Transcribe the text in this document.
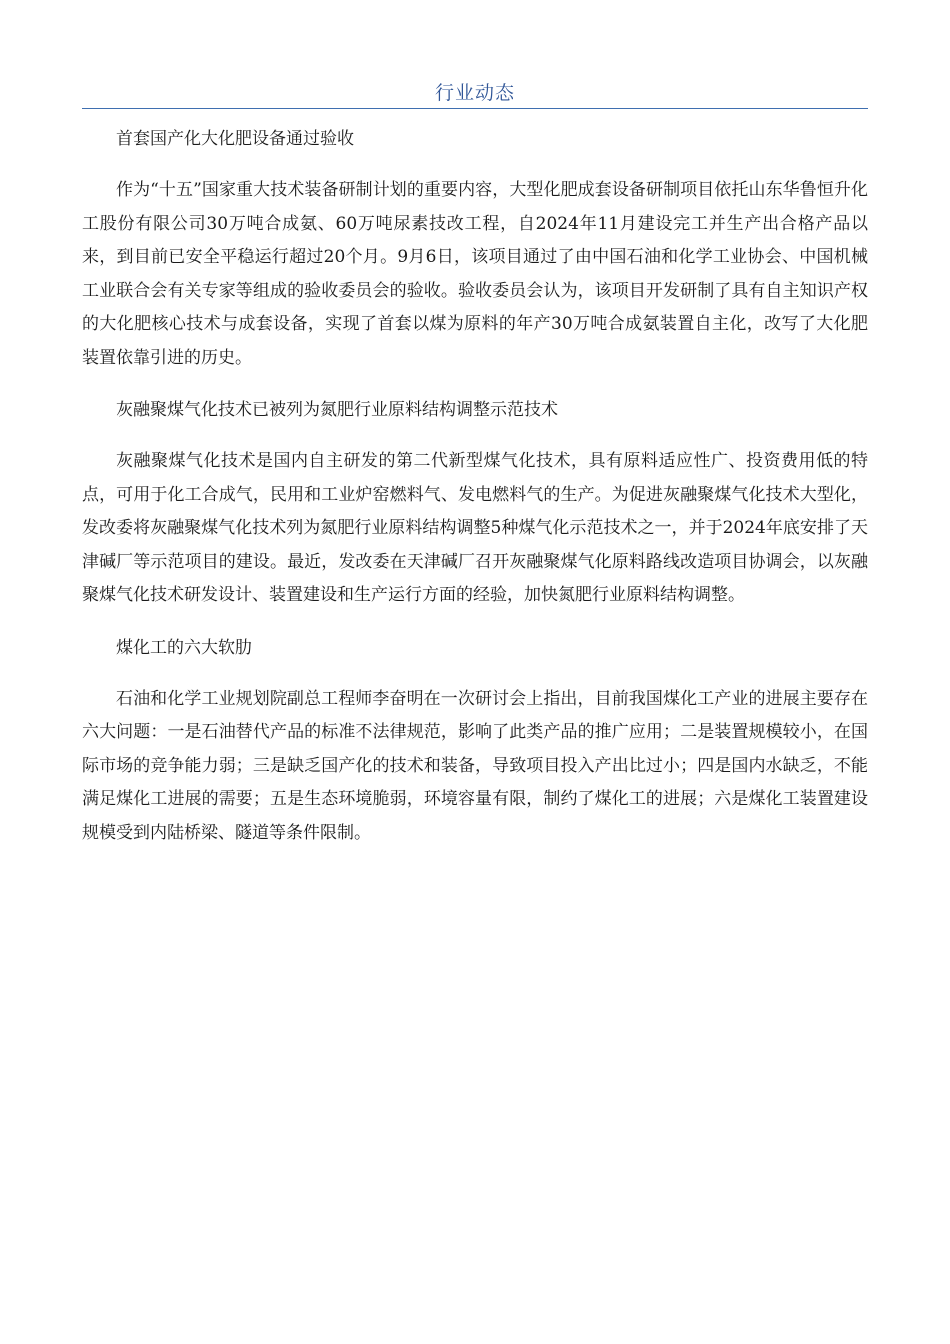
行业动态
首套国产化大化肥设备通过验收

作为“十五”国家重大技术装备研制计划的重要内容，大型化肥成套设备研制项目依托山东华鲁恒升化工股份有限公司30万吨合成氨、60万吨尿素技改工程，自2024年11月建设完工并生产出合格产品以来，到目前已安全平稳运行超过20个月。9月6日，该项目通过了由中国石油和化学工业协会、中国机械工业联合会有关专家等组成的验收委员会的验收。验收委员会认为，该项目开发研制了具有自主知识产权的大化肥核心技术与成套设备，实现了首套以煤为原料的年产30万吨合成氨装置自主化，改写了大化肥装置依靠引进的历史。

灰融聚煤气化技术已被列为氮肥行业原料结构调整示范技术

灰融聚煤气化技术是国内自主研发的第二代新型煤气化技术，具有原料适应性广、投资费用低的特点，可用于化工合成气，民用和工业炉窑燃料气、发电燃料气的生产。为促进灰融聚煤气化技术大型化，发改委将灰融聚煤气化技术列为氮肥行业原料结构调整5种煤气化示范技术之一，并于2024年底安排了天津碱厂等示范项目的建设。最近，发改委在天津碱厂召开灰融聚煤气化原料路线改造项目协调会，以灰融聚煤气化技术研发设计、装置建设和生产运行方面的经验，加快氮肥行业原料结构调整。

煤化工的六大软肋

石油和化学工业规划院副总工程师李奋明在一次研讨会上指出，目前我国煤化工产业的进展主要存在六大问题：一是石油替代产品的标准不法律规范，影响了此类产品的推广应用；二是装置规模较小，在国际市场的竞争能力弱；三是缺乏国产化的技术和装备，导致项目投入产出比过小；四是国内水缺乏，不能满足煤化工进展的需要；五是生态环境脆弱，环境容量有限，制约了煤化工的进展；六是煤化工装置建设规模受到内陆桥梁、隧道等条件限制。
